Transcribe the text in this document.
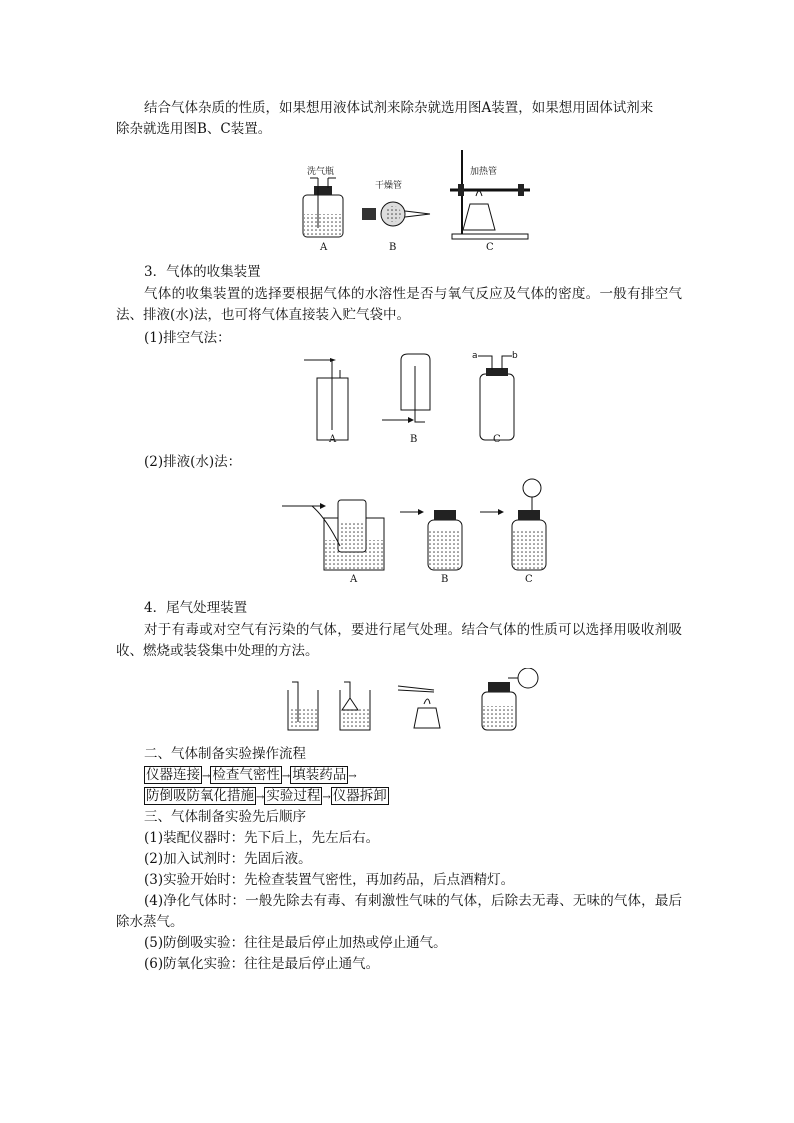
结合气体杂质的性质，如果想用液体试剂来除杂就选用图A装置，如果想用固体试剂来
除杂就选用图B、C装置。
洗气瓶
A
干燥管
B
加热管
C
3．气体的收集装置
气体的收集装置的选择要根据气体的水溶性是否与氧气反应及气体的密度。一般有排空气法、排液(水)法，也可将气体直接装入贮气袋中。
(1)排空气法：
A	B
a	b
C
(2)排液(水)法：
A	B	C
4．尾气处理装置
对于有毒或对空气有污染的气体，要进行尾气处理。结合气体的性质可以选择用吸收剂吸收、燃烧或装袋集中处理的方法。
二、气体制备实验操作流程
仪器连接 → 检查气密性 → 填装药品 →
防倒吸防氧化措施 → 实验过程 → 仪器拆卸
三、气体制备实验先后顺序
(1)装配仪器时：先下后上，先左后右。
(2)加入试剂时：先固后液。
(3)实验开始时：先检查装置气密性，再加药品，后点酒精灯。
(4)净化气体时：一般先除去有毒、有刺激性气味的气体，后除去无毒、无味的气体，最后除水蒸气。
(5)防倒吸实验：往往是最后停止加热或停止通气。
(6)防氧化实验：往往是最后停止通气。
